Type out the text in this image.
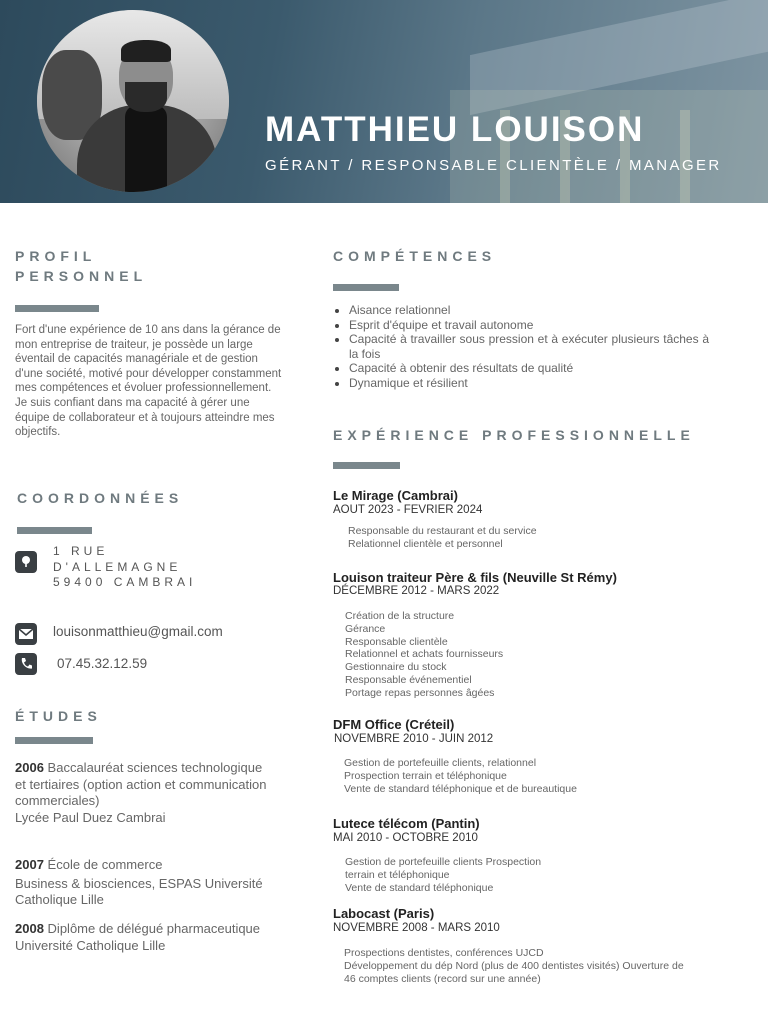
MATTHIEU LOUISON
GÉRANT / RESPONSABLE CLIENTÈLE / MANAGER
PROFIL
PERSONNEL
Fort d'une expérience de 10 ans dans la gérance de mon entreprise de traiteur, je possède un large éventail de capacités managériale et de gestion d'une société, motivé pour développer constamment mes compétences et évoluer professionnellement. Je suis confiant dans ma capacité à gérer une équipe de collaborateur et à toujours atteindre mes objectifs.
COORDONNÉES
1 RUE
D'ALLEMAGNE
59400 CAMBRAI
louisonmatthieu@gmail.com
07.45.32.12.59
ÉTUDES
2006 Baccalauréat sciences technologique et tertiaires (option action et communication commerciales)
Lycée Paul Duez Cambrai
2007 École de commerce
Business & biosciences, ESPAS Université Catholique Lille
2008 Diplôme de délégué pharmaceutique
Université Catholique Lille
COMPÉTENCES
Aisance relationnel
Esprit d'équipe et travail autonome
Capacité à travailler sous pression et à exécuter plusieurs tâches à la fois
Capacité à obtenir des résultats de qualité
Dynamique et résilient
EXPÉRIENCE PROFESSIONNELLE
Le Mirage (Cambrai)
AOUT 2023 - FEVRIER 2024
Responsable du restaurant et du service
Relationnel clientèle et personnel
Louison traiteur Père & fils (Neuville St Rémy)
DÉCEMBRE 2012 - MARS 2022
Création de la structure
Gérance
Responsable clientèle
Relationnel et achats fournisseurs
Gestionnaire du stock
Responsable événementiel
Portage repas personnes âgées
DFM Office (Créteil)
NOVEMBRE 2010 - JUIN 2012
Gestion de portefeuille clients, relationnel
Prospection terrain et téléphonique
Vente de standard téléphonique et de bureautique
Lutece télécom (Pantin)
MAI 2010 - OCTOBRE 2010
Gestion de portefeuille clients Prospection
terrain et téléphonique
Vente de standard téléphonique
Labocast (Paris)
NOVEMBRE 2008 - MARS 2010
Prospections dentistes, conférences UJCD
Développement du dép Nord (plus de 400 dentistes visités) Ouverture de
46 comptes clients (record sur une année)
